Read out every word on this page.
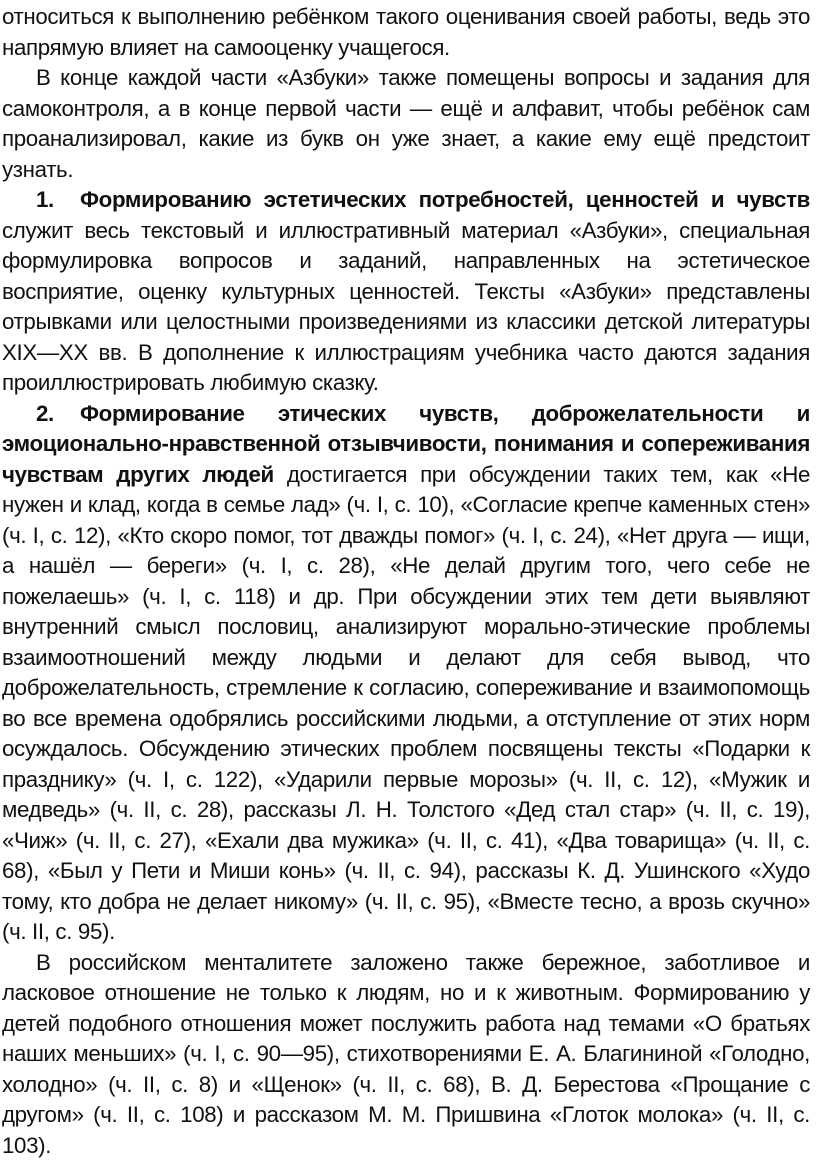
относиться к выполнению ребёнком такого оценивания своей работы, ведь это напрямую влияет на самооценку учащегося.

В конце каждой части «Азбуки» также помещены вопросы и задания для самоконтроля, а в конце первой части — ещё и алфавит, чтобы ребёнок сам проанализировал, какие из букв он уже знает, а какие ему ещё предстоит узнать.

1. Формированию эстетических потребностей, ценностей и чувств служит весь текстовый и иллюстративный материал «Азбуки», специальная формулировка вопросов и заданий, направленных на эстетическое восприятие, оценку культурных ценностей. Тексты «Азбуки» представлены отрывками или целостными произведениями из классики детской литературы XIX—XX вв. В дополнение к иллюстрациям учебника часто даются задания проиллюстрировать любимую сказку.

2. Формирование этических чувств, доброжелательности и эмоционально-нравственной отзывчивости, понимания и сопереживания чувствам других людей достигается при обсуждении таких тем, как «Не нужен и клад, когда в семье лад» (ч. I, с. 10), «Согласие крепче каменных стен» (ч. I, с. 12), «Кто скоро помог, тот дважды помог» (ч. I, с. 24), «Нет друга — ищи, а нашёл — береги» (ч. I, с. 28), «Не делай другим того, чего себе не пожелаешь» (ч. I, с. 118) и др. При обсуждении этих тем дети выявляют внутренний смысл пословиц, анализируют морально-этические проблемы взаимоотношений между людьми и делают для себя вывод, что доброжелательность, стремление к согласию, сопереживание и взаимопомощь во все времена одобрялись российскими людьми, а отступление от этих норм осуждалось. Обсуждению этических проблем посвящены тексты «Подарки к празднику» (ч. I, с. 122), «Ударили первые морозы» (ч. II, с. 12), «Мужик и медведь» (ч. II, с. 28), рассказы Л. Н. Толстого «Дед стал стар» (ч. II, с. 19), «Чиж» (ч. II, с. 27), «Ехали два мужика» (ч. II, с. 41), «Два товарища» (ч. II, с. 68), «Был у Пети и Миши конь» (ч. II, с. 94), рассказы К. Д. Ушинского «Худо тому, кто добра не делает никому» (ч. II, с. 95), «Вместе тесно, а врозь скучно» (ч. II, с. 95).

В российском менталитете заложено также бережное, заботливое и ласковое отношение не только к людям, но и к животным. Формированию у детей подобного отношения может послужить работа над темами «О братьях наших меньших» (ч. I, с. 90—95), стихотворениями Е. А. Благининой «Голодно, холодно» (ч. II, с. 8) и «Щенок» (ч. II, с. 68), В. Д. Берестова «Прощание с другом» (ч. II, с. 108) и рассказом М. М. Пришвина «Глоток молока» (ч. II, с. 103).
